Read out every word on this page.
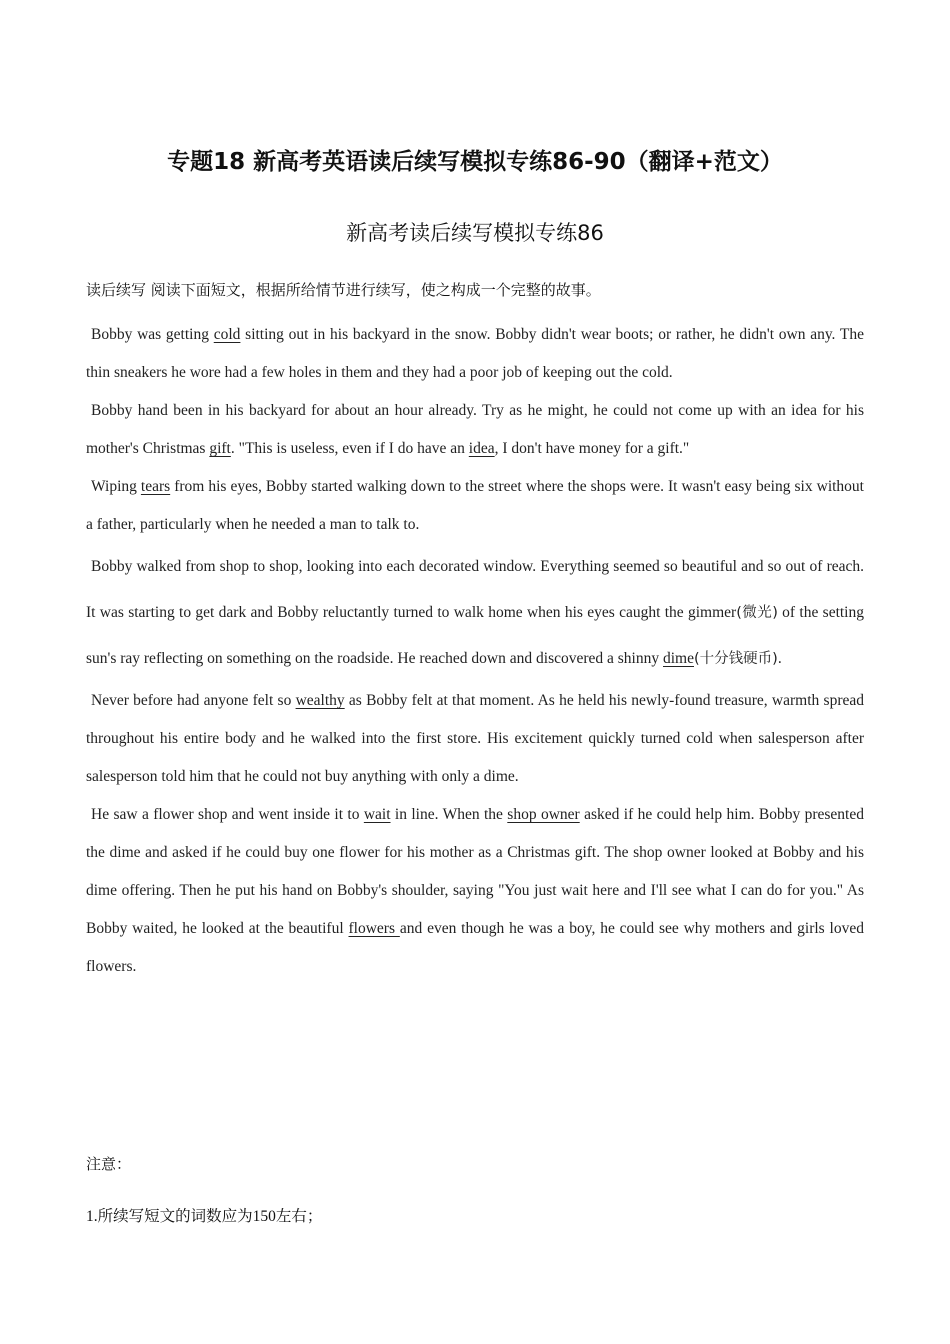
专题18 新高考英语读后续写模拟专练86-90（翻译+范文）
新高考读后续写模拟专练86
读后续写 阅读下面短文，根据所给情节进行续写，使之构成一个完整的故事。

Bobby was getting cold sitting out in his backyard in the snow. Bobby didn't wear boots; or rather, he didn't own any. The thin sneakers he wore had a few holes in them and they had a poor job of keeping out the cold.

Bobby hand been in his backyard for about an hour already. Try as he might, he could not come up with an idea for his mother's Christmas gift. "This is useless, even if I do have an idea, I don't have money for a gift."

Wiping tears from his eyes, Bobby started walking down to the street where the shops were. It wasn't easy being six without a father, particularly when he needed a man to talk to.

Bobby walked from shop to shop, looking into each decorated window. Everything seemed so beautiful and so out of reach. It was starting to get dark and Bobby reluctantly turned to walk home when his eyes caught the gimmer(微光) of the setting sun's ray reflecting on something on the roadside. He reached down and discovered a shinny dime(十分钱硬币).

Never before had anyone felt so wealthy as Bobby felt at that moment. As he held his newly-found treasure, warmth spread throughout his entire body and he walked into the first store. His excitement quickly turned cold when salesperson after salesperson told him that he could not buy anything with only a dime.

He saw a flower shop and went inside it to wait in line. When the shop owner asked if he could help him. Bobby presented the dime and asked if he could buy one flower for his mother as a Christmas gift. The shop owner looked at Bobby and his dime offering. Then he put his hand on Bobby's shoulder, saying "You just wait here and I'll see what I can do for you." As Bobby waited, he looked at the beautiful flowers and even though he was a boy, he could see why mothers and girls loved flowers.

注意：
1.所续写短文的词数应为150左右；
